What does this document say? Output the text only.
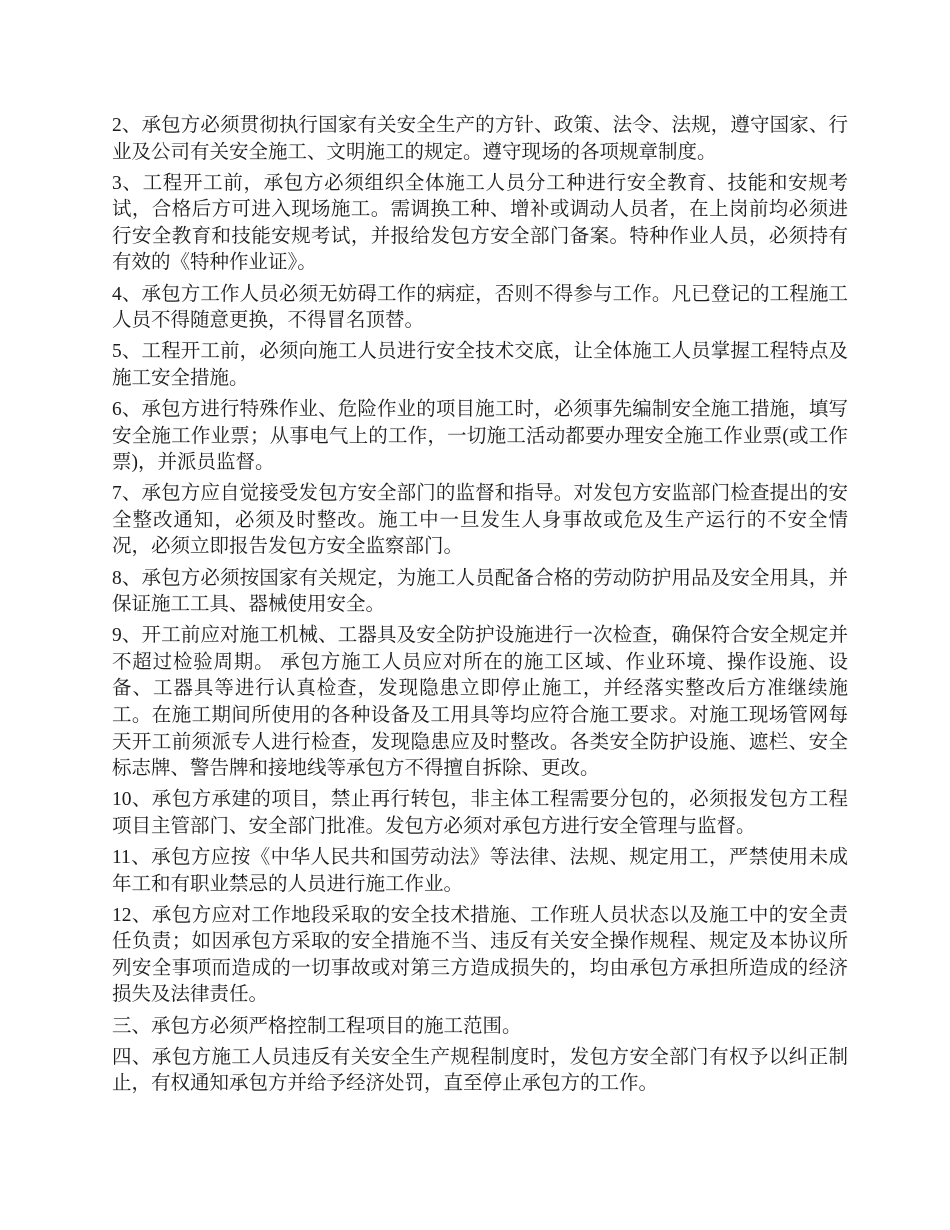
2、承包方必须贯彻执行国家有关安全生产的方针、政策、法令、法规，遵守国家、行业及公司有关安全施工、文明施工的规定。遵守现场的各项规章制度。

3、工程开工前，承包方必须组织全体施工人员分工种进行安全教育、技能和安规考试，合格后方可进入现场施工。需调换工种、增补或调动人员者，在上岗前均必须进行安全教育和技能安规考试，并报给发包方安全部门备案。特种作业人员，必须持有有效的《特种作业证》。

4、承包方工作人员必须无妨碍工作的病症，否则不得参与工作。凡已登记的工程施工人员不得随意更换，不得冒名顶替。

5、工程开工前，必须向施工人员进行安全技术交底，让全体施工人员掌握工程特点及施工安全措施。

6、承包方进行特殊作业、危险作业的项目施工时，必须事先编制安全施工措施，填写安全施工作业票；从事电气上的工作，一切施工活动都要办理安全施工作业票(或工作票)，并派员监督。

7、承包方应自觉接受发包方安全部门的监督和指导。对发包方安监部门检查提出的安全整改通知，必须及时整改。施工中一旦发生人身事故或危及生产运行的不安全情况，必须立即报告发包方安全监察部门。

8、承包方必须按国家有关规定，为施工人员配备合格的劳动防护用品及安全用具，并保证施工工具、器械使用安全。

9、开工前应对施工机械、工器具及安全防护设施进行一次检查，确保符合安全规定并不超过检验周期。 承包方施工人员应对所在的施工区域、作业环境、操作设施、设备、工器具等进行认真检查，发现隐患立即停止施工，并经落实整改后方准继续施工。在施工期间所使用的各种设备及工用具等均应符合施工要求。对施工现场管网每天开工前须派专人进行检查，发现隐患应及时整改。各类安全防护设施、遮栏、安全标志牌、警告牌和接地线等承包方不得擅自拆除、更改。

10、承包方承建的项目，禁止再行转包，非主体工程需要分包的，必须报发包方工程项目主管部门、安全部门批准。发包方必须对承包方进行安全管理与监督。

11、承包方应按《中华人民共和国劳动法》等法律、法规、规定用工，严禁使用未成年工和有职业禁忌的人员进行施工作业。

12、承包方应对工作地段采取的安全技术措施、工作班人员状态以及施工中的安全责任负责；如因承包方采取的安全措施不当、违反有关安全操作规程、规定及本协议所列安全事项而造成的一切事故或对第三方造成损失的，均由承包方承担所造成的经济损失及法律责任。

三、承包方必须严格控制工程项目的施工范围。

四、承包方施工人员违反有关安全生产规程制度时，发包方安全部门有权予以纠正制止，有权通知承包方并给予经济处罚，直至停止承包方的工作。
